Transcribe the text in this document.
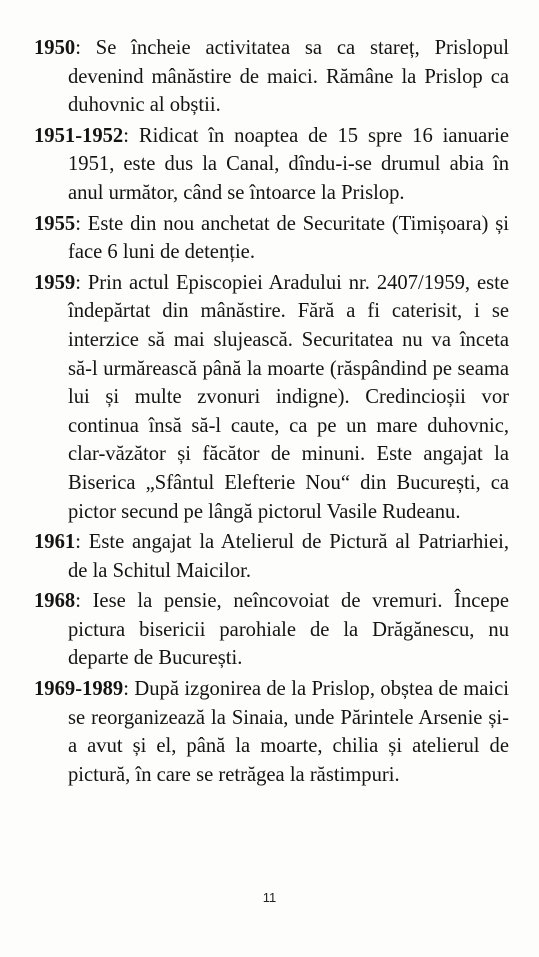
1950: Se încheie activitatea sa ca stareț, Prislopul devenind mânăstire de maici. Rămâne la Prislop ca duhovnic al obștii.

1951-1952: Ridicat în noaptea de 15 spre 16 ianuarie 1951, este dus la Canal, dîndu-i-se drumul abia în anul următor, când se întoarce la Prislop.

1955: Este din nou anchetat de Securitate (Timișoara) și face 6 luni de detenție.

1959: Prin actul Episcopiei Aradului nr. 2407/1959, este îndepărtat din mânăstire. Fără a fi caterisit, i se interzice să mai slujească. Securitatea nu va înceta să-l urmărească până la moarte (răspândind pe seama lui și multe zvonuri indigne). Credincioșii vor continua însă să-l caute, ca pe un mare duhovnic, clar-văzător și făcător de minuni. Este angajat la Biserica „Sfântul Elefterie Nou“ din București, ca pictor secund pe lângă pictorul Vasile Rudeanu.

1961: Este angajat la Atelierul de Pictură al Patriarhiei, de la Schitul Maicilor.

1968: Iese la pensie, neîncovoiat de vremuri. Începe pictura bisericii parohiale de la Drăgănescu, nu departe de București.

1969-1989: După izgonirea de la Prislop, obștea de maici se reorganizează la Sinaia, unde Părintele Arsenie și-a avut și el, până la moarte, chilia și atelierul de pictură, în care se retrăgea la răstimpuri.

11
